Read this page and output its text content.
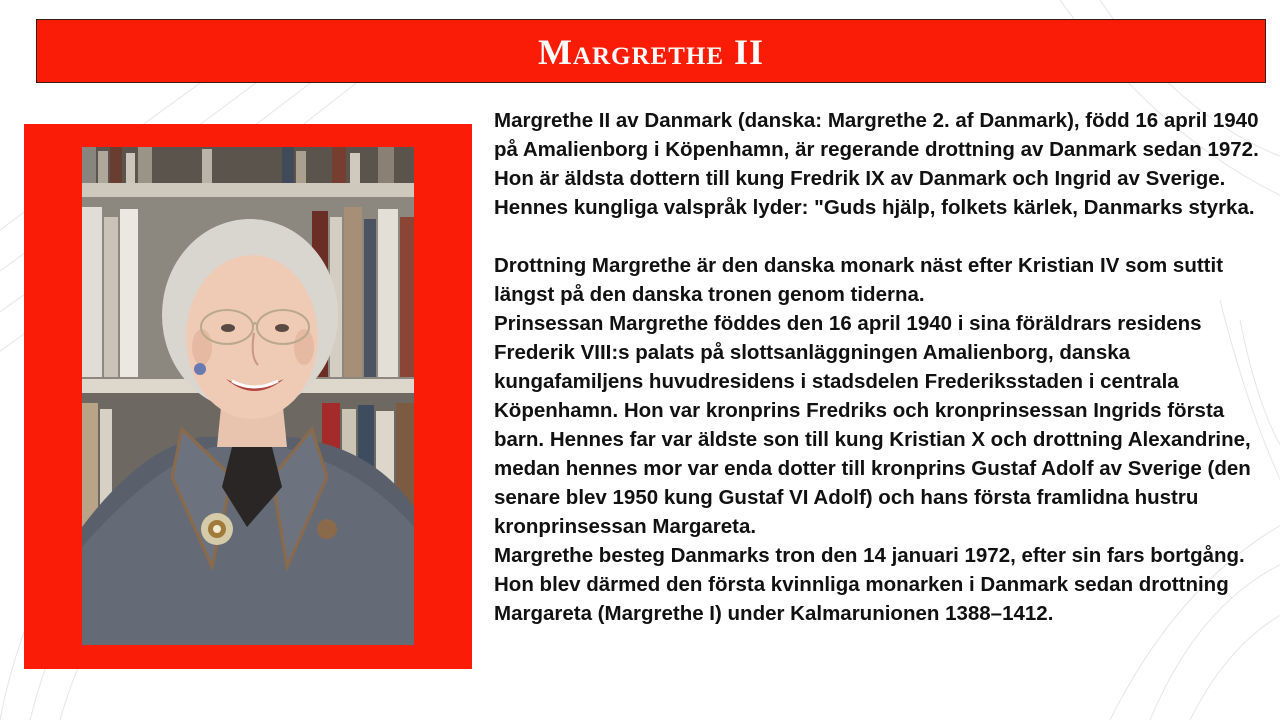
Margrethe II

Margrethe II av Danmark (danska: Margrethe 2. af Danmark), född 16 april 1940 på Amalienborg i Köpenhamn, är regerande drottning av Danmark sedan 1972. Hon är äldsta dottern till kung Fredrik IX av Danmark och Ingrid av Sverige. Hennes kungliga valspråk lyder: "Guds hjälp, folkets kärlek, Danmarks styrka.

Drottning Margrethe är den danska monark näst efter Kristian IV som suttit längst på den danska tronen genom tiderna.

Prinsessan Margrethe föddes den 16 april 1940 i sina föräldrars residens Frederik VIII:s palats på slottsanläggningen Amalienborg, danska kungafamiljens huvudresidens i stadsdelen Frederiksstaden i centrala Köpenhamn. Hon var kronprins Fredriks och kronprinsessan Ingrids första barn. Hennes far var äldste son till kung Kristian X och drottning Alexandrine, medan hennes mor var enda dotter till kronprins Gustaf Adolf av Sverige (den senare blev 1950 kung Gustaf VI Adolf) och hans första framlidna hustru kronprinsessan Margareta.

Margrethe besteg Danmarks tron den 14 januari 1972, efter sin fars bortgång. Hon blev därmed den första kvinnliga monarken i Danmark sedan drottning Margareta (Margrethe I) under Kalmarunionen 1388–1412.
